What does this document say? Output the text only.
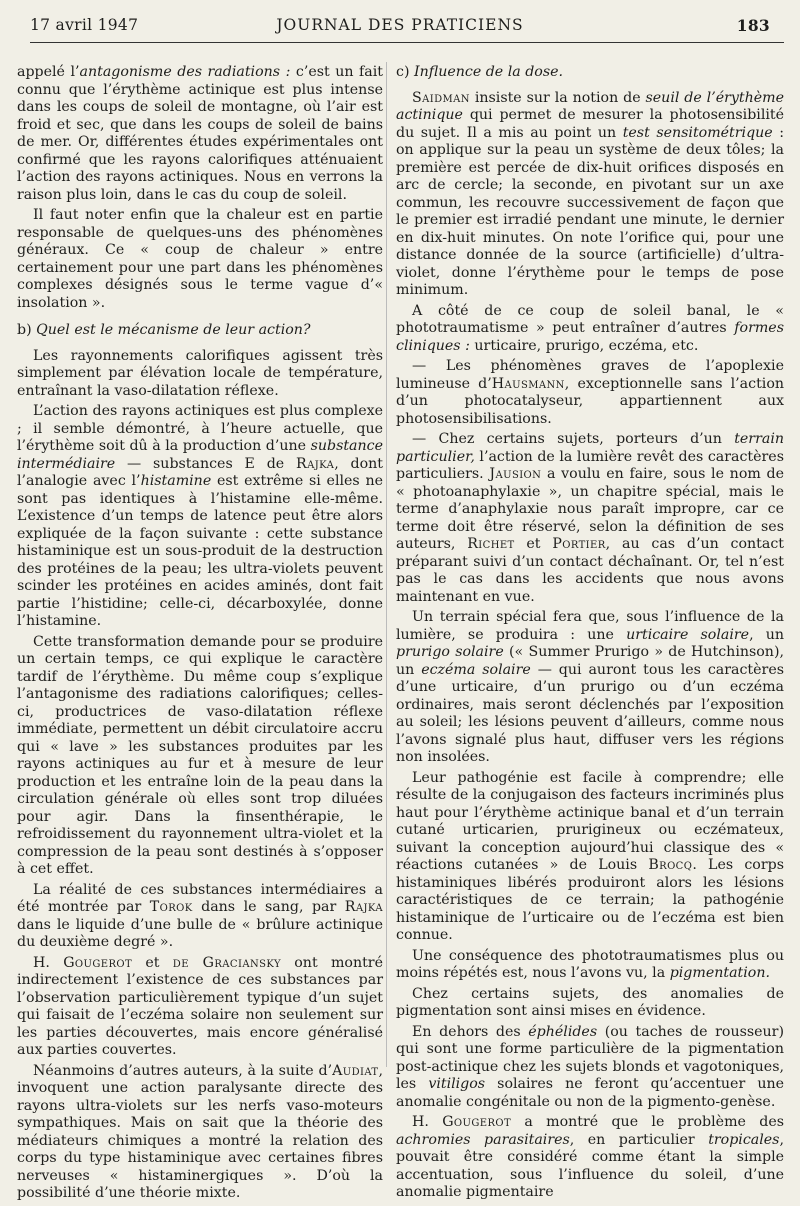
17 avril 1947	JOURNAL DES PRATICIENS	183

appelé l’antagonisme des radiations : c’est un fait connu que l’érythème actinique est plus intense dans les coups de soleil de montagne, où l’air est froid et sec, que dans les coups de soleil de bains de mer. Or, différentes études expérimentales ont confirmé que les rayons calorifiques atténuaient l’action des rayons actiniques. Nous en verrons la raison plus loin, dans le cas du coup de soleil.

Il faut noter enfin que la chaleur est en partie responsable de quelques-uns des phénomènes généraux. Ce « coup de chaleur » entre certainement pour une part dans les phénomènes complexes désignés sous le terme vague d’« insolation ».

b) Quel est le mécanisme de leur action?

Les rayonnements calorifiques agissent très simplement par élévation locale de température, entraînant la vaso-dilatation réflexe.

L’action des rayons actiniques est plus complexe ; il semble démontré, à l’heure actuelle, que l’érythème soit dû à la production d’une substance intermédiaire — substances E de Rajka, dont l’analogie avec l’histamine est extrême si elles ne sont pas identiques à l’histamine elle-même. L’existence d’un temps de latence peut être alors expliquée de la façon suivante : cette substance histaminique est un sous-produit de la destruction des protéines de la peau; les ultra-violets peuvent scinder les protéines en acides aminés, dont fait partie l’histidine; celle-ci, décarboxylée, donne l’histamine.

Cette transformation demande pour se produire un certain temps, ce qui explique le caractère tardif de l’érythème. Du même coup s’explique l’antagonisme des radiations calorifiques; celles-ci, productrices de vaso-dilatation réflexe immédiate, permettent un débit circulatoire accru qui « lave » les substances produites par les rayons actiniques au fur et à mesure de leur production et les entraîne loin de la peau dans la circulation générale où elles sont trop diluées pour agir. Dans la finsenthérapie, le refroidissement du rayonnement ultra-violet et la compression de la peau sont destinés à s’opposer à cet effet.

La réalité de ces substances intermédiaires a été montrée par Torok dans le sang, par Rajka dans le liquide d’une bulle de « brûlure actinique du deuxième degré ».

H. Gougerot et de Graciansky ont montré indirectement l’existence de ces substances par l’observation particulièrement typique d’un sujet qui faisait de l’eczéma solaire non seulement sur les parties découvertes, mais encore généralisé aux parties couvertes.

Néanmoins d’autres auteurs, à la suite d’Audiat, invoquent une action paralysante directe des rayons ultra-violets sur les nerfs vaso-moteurs sympathiques. Mais on sait que la théorie des médiateurs chimiques a montré la relation des corps du type histaminique avec certaines fibres nerveuses « histaminergiques ». D’où la possibilité d’une théorie mixte.

c) Influence de la dose.

Saidman insiste sur la notion de seuil de l’érythème actinique qui permet de mesurer la photosensibilité du sujet. Il a mis au point un test sensitométrique : on applique sur la peau un système de deux tôles; la première est percée de dix-huit orifices disposés en arc de cercle; la seconde, en pivotant sur un axe commun, les recouvre successivement de façon que le premier est irradié pendant une minute, le dernier en dix-huit minutes. On note l’orifice qui, pour une distance donnée de la source (artificielle) d’ultra-violet, donne l’érythème pour le temps de pose minimum.

A côté de ce coup de soleil banal, le « phototraumatisme » peut entraîner d’autres formes cliniques : urticaire, prurigo, eczéma, etc.

— Les phénomènes graves de l’apoplexie lumineuse d’Hausmann, exceptionnelle sans l’action d’un photocatalyseur, appartiennent aux photosensibilisations.

— Chez certains sujets, porteurs d’un terrain particulier, l’action de la lumière revêt des caractères particuliers. Jausion a voulu en faire, sous le nom de « photoanaphylaxie », un chapitre spécial, mais le terme d’anaphylaxie nous paraît impropre, car ce terme doit être réservé, selon la définition de ses auteurs, Richet et Portier, au cas d’un contact préparant suivi d’un contact déchaînant. Or, tel n’est pas le cas dans les accidents que nous avons maintenant en vue.

Un terrain spécial fera que, sous l’influence de la lumière, se produira : une urticaire solaire, un prurigo solaire (« Summer Prurigo » de Hutchinson), un eczéma solaire — qui auront tous les caractères d’une urticaire, d’un prurigo ou d’un eczéma ordinaires, mais seront déclenchés par l’exposition au soleil; les lésions peuvent d’ailleurs, comme nous l’avons signalé plus haut, diffuser vers les régions non insolées.

Leur pathogénie est facile à comprendre; elle résulte de la conjugaison des facteurs incriminés plus haut pour l’érythème actinique banal et d’un terrain cutané urticarien, prurigineux ou eczémateux, suivant la conception aujourd’hui classique des « réactions cutanées » de Louis Brocq. Les corps histaminiques libérés produiront alors les lésions caractéristiques de ce terrain; la pathogénie histaminique de l’urticaire ou de l’eczéma est bien connue.

Une conséquence des phototraumatismes plus ou moins répétés est, nous l’avons vu, la pigmentation.

Chez certains sujets, des anomalies de pigmentation sont ainsi mises en évidence.

En dehors des éphélides (ou taches de rousseur) qui sont une forme particulière de la pigmentation post-actinique chez les sujets blonds et vagotoniques, les vitiligos solaires ne feront qu’accentuer une anomalie congénitale ou non de la pigmento-genèse.

H. Gougerot a montré que le problème des achromies parasitaires, en particulier tropicales, pouvait être considéré comme étant la simple accentuation, sous l’influence du soleil, d’une anomalie pigmentaire
